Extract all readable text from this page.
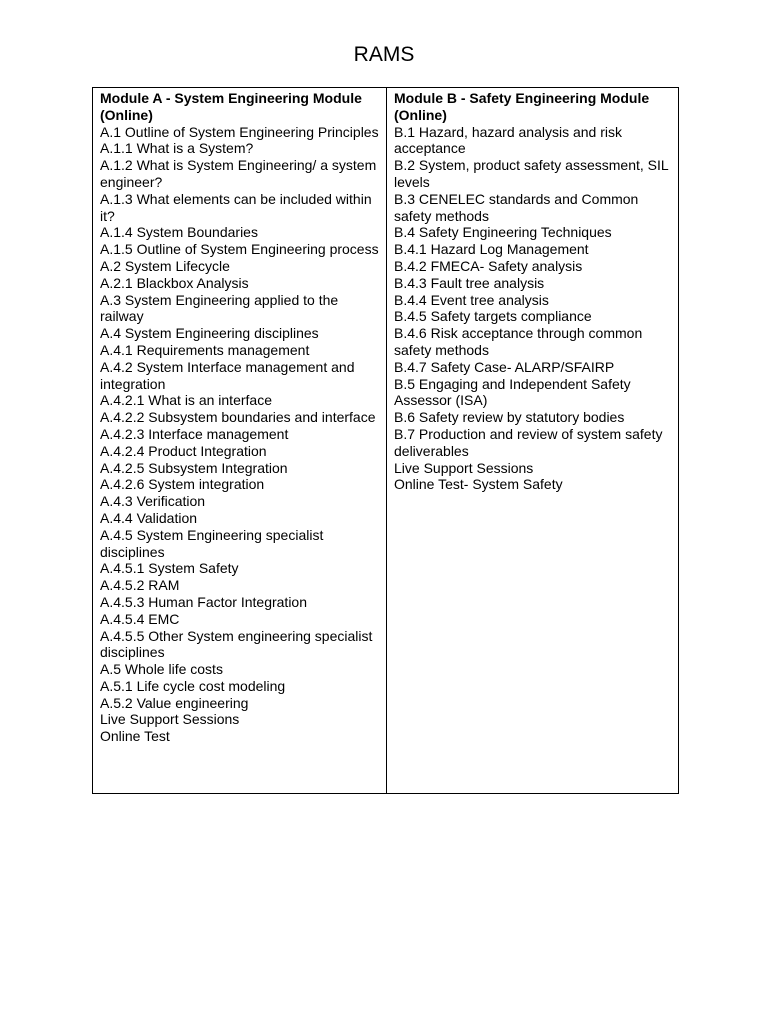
RAMS
Module A - System Engineering Module (Online)
A.1 Outline of System Engineering Principles
A.1.1 What is a System?
A.1.2 What is System Engineering/ a system engineer?
A.1.3 What elements can be included within it?
A.1.4 System Boundaries
A.1.5 Outline of System Engineering process
A.2 System Lifecycle
A.2.1 Blackbox Analysis
A.3 System Engineering applied to the railway
A.4 System Engineering disciplines
A.4.1 Requirements management
A.4.2 System Interface management and integration
A.4.2.1 What is an interface
A.4.2.2 Subsystem boundaries and interface
A.4.2.3 Interface management
A.4.2.4 Product Integration
A.4.2.5 Subsystem Integration
A.4.2.6 System integration
A.4.3 Verification
A.4.4 Validation
A.4.5 System Engineering specialist disciplines
A.4.5.1 System Safety
A.4.5.2 RAM
A.4.5.3 Human Factor Integration
A.4.5.4 EMC
A.4.5.5 Other System engineering specialist disciplines
A.5 Whole life costs
A.5.1 Life cycle cost modeling
A.5.2 Value engineering
Live Support Sessions
Online Test
Module B - Safety Engineering Module (Online)
B.1 Hazard, hazard analysis and risk acceptance
B.2 System, product safety assessment, SIL levels
B.3 CENELEC standards and Common safety methods
B.4 Safety Engineering Techniques
B.4.1 Hazard Log Management
B.4.2 FMECA- Safety analysis
B.4.3 Fault tree analysis
B.4.4 Event tree analysis
B.4.5 Safety targets compliance
B.4.6 Risk acceptance through common safety methods
B.4.7 Safety Case- ALARP/SFAIRP
B.5 Engaging and Independent Safety Assessor (ISA)
B.6 Safety review by statutory bodies
B.7 Production and review of system safety deliverables
Live Support Sessions
Online Test- System Safety
